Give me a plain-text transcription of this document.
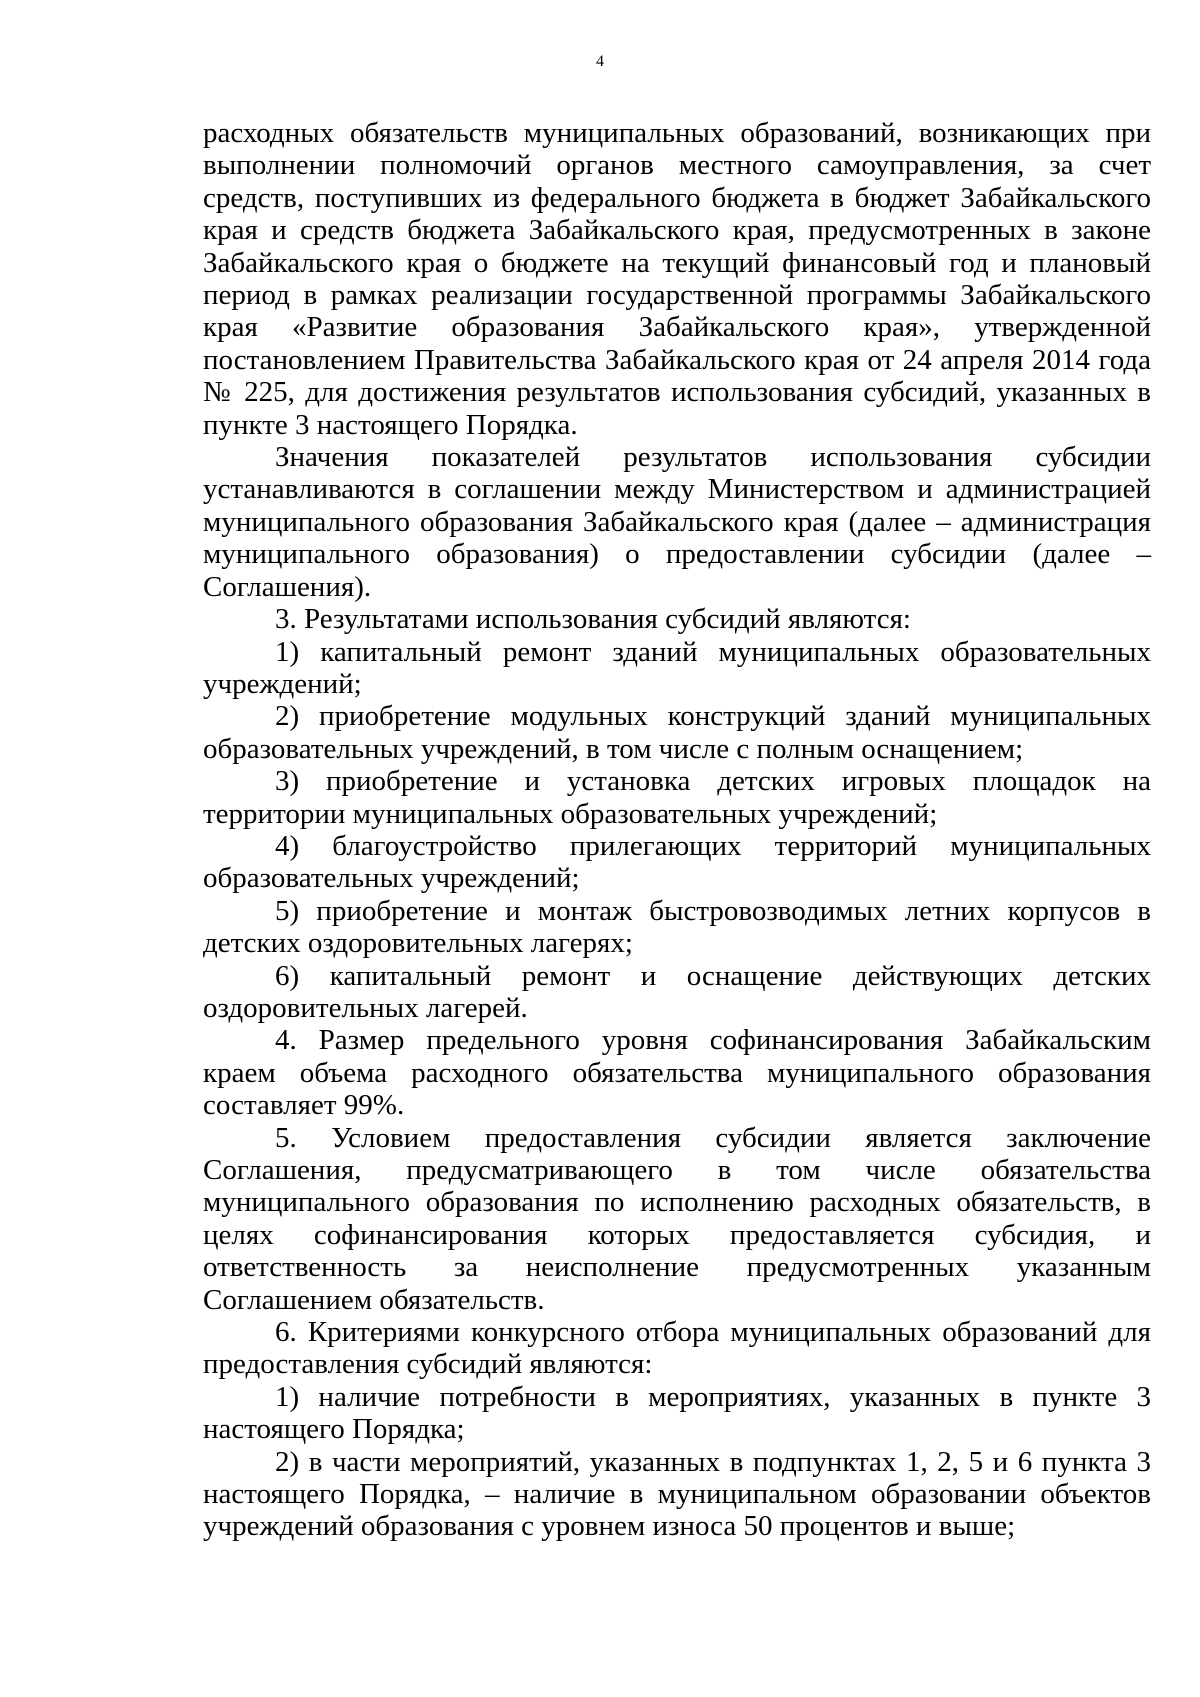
4

расходных обязательств муниципальных образований, возникающих при выполнении полномочий органов местного самоуправления, за счет средств, поступивших из федерального бюджета в бюджет Забайкальского края и средств бюджета Забайкальского края, предусмотренных в законе Забайкальского края о бюджете на текущий финансовый год и плановый период в рамках реализации государственной программы Забайкальского края «Развитие образования Забайкальского края», утвержденной постановлением Правительства Забайкальского края от 24 апреля 2014 года № 225, для достижения результатов использования субсидий, указанных в пункте 3 настоящего Порядка.

Значения показателей результатов использования субсидии устанавливаются в соглашении между Министерством и администрацией муниципального образования Забайкальского края (далее – администрация муниципального образования) о предоставлении субсидии (далее – Соглашения).

3. Результатами использования субсидий являются:

1) капитальный ремонт зданий муниципальных образовательных учреждений;

2) приобретение модульных конструкций зданий муниципальных образовательных учреждений, в том числе с полным оснащением;

3) приобретение и установка детских игровых площадок на территории муниципальных образовательных учреждений;

4) благоустройство прилегающих территорий муниципальных образовательных учреждений;

5) приобретение и монтаж быстровозводимых летних корпусов в детских оздоровительных лагерях;

6) капитальный ремонт и оснащение действующих детских оздоровительных лагерей.

4. Размер предельного уровня софинансирования Забайкальским краем объема расходного обязательства муниципального образования составляет 99%.

5. Условием предоставления субсидии является заключение Соглашения, предусматривающего в том числе обязательства муниципального образования по исполнению расходных обязательств, в целях софинансирования которых предоставляется субсидия, и ответственность за неисполнение предусмотренных указанным Соглашением обязательств.

6. Критериями конкурсного отбора муниципальных образований для предоставления субсидий являются:

1) наличие потребности в мероприятиях, указанных в пункте 3 настоящего Порядка;

2) в части мероприятий, указанных в подпунктах 1, 2, 5 и 6 пункта 3 настоящего Порядка, – наличие в муниципальном образовании объектов учреждений образования с уровнем износа 50 процентов и выше;
